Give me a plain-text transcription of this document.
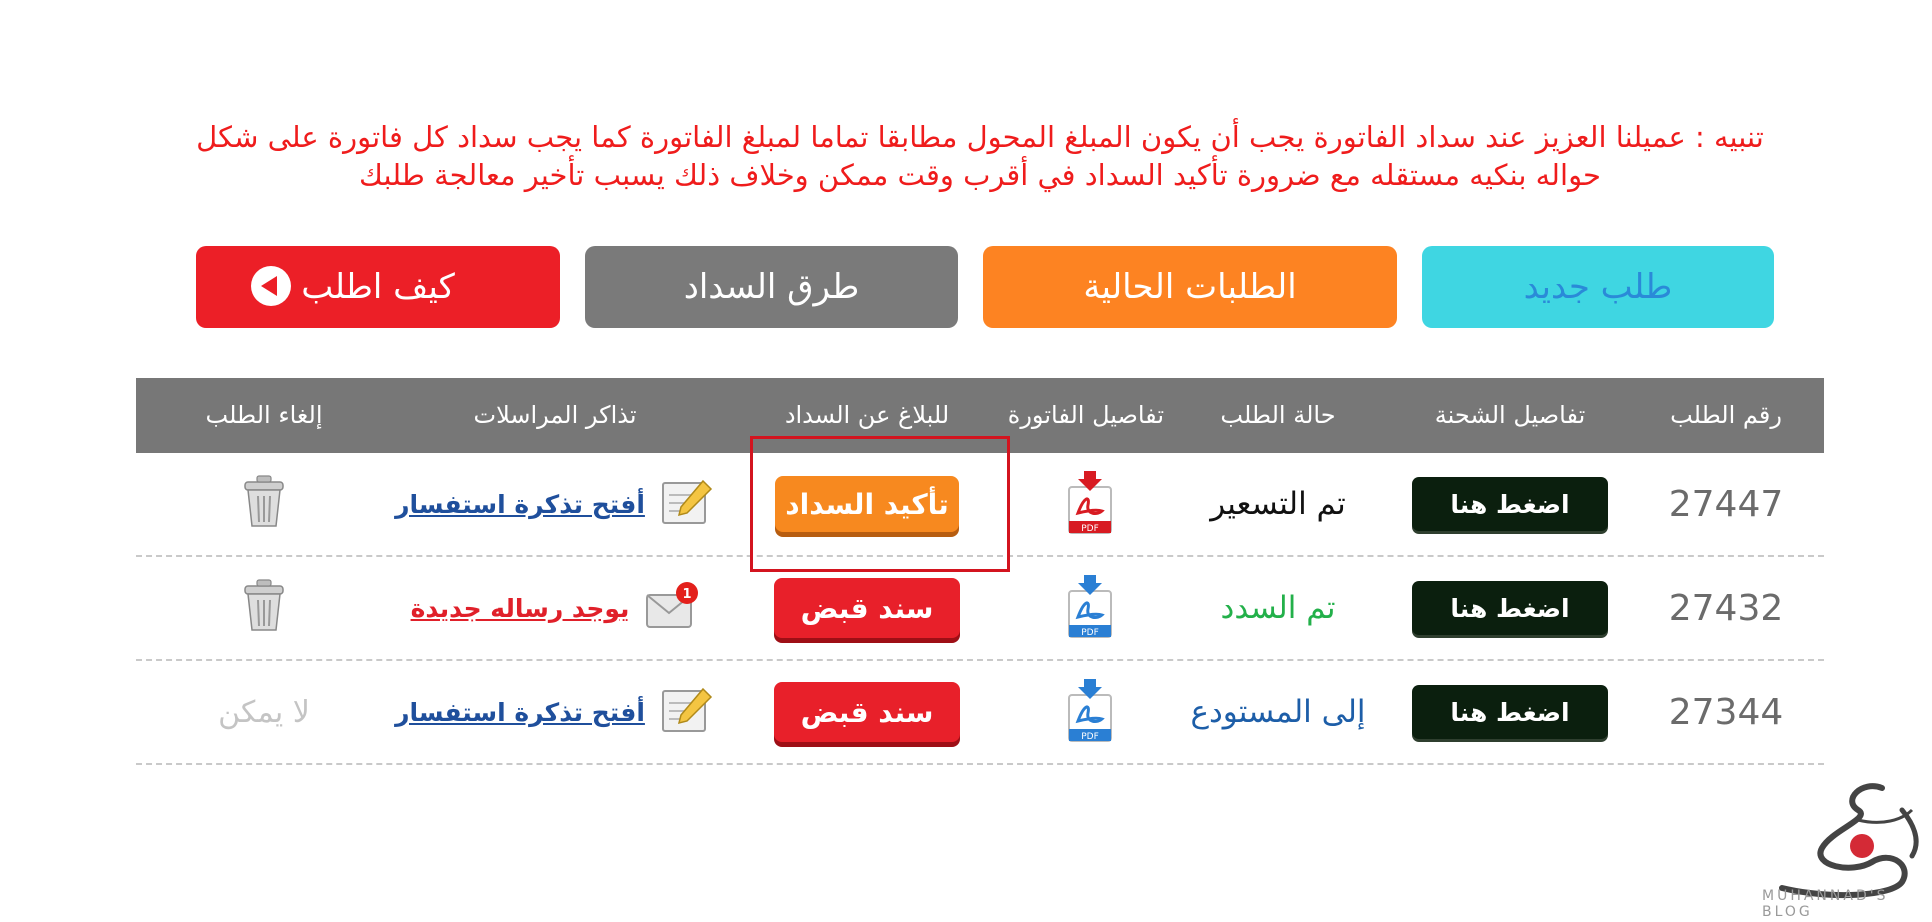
تنبيه : عميلنا العزيز عند سداد الفاتورة يجب أن يكون المبلغ المحول مطابقا تماما لمبلغ الفاتورة كما يجب سداد كل فاتورة على شكل
حواله بنكيه مستقله مع ضرورة تأكيد السداد في أقرب وقت ممكن وخلاف ذلك يسبب تأخير معالجة طلبك
طلب جديد
الطلبات الحالية
طرق السداد
كيف اطلب
رقم الطلب
تفاصيل الشحنة
حالة الطلب
تفاصيل الفاتورة
للبلاغ عن السداد
تذاكر المراسلات
إلغاء الطلب
27447
اضغط هنا
تم التسعير
PDF
تأكيد السداد
أفتح تذكرة استفسار
27432
اضغط هنا
تم السدد
PDF
سند قبض
1
يوجد رساله جديدة
27344
اضغط هنا
إلى المستودع
PDF
سند قبض
أفتح تذكرة استفسار
لا يمكن
MUHANNAD'S BLOG
